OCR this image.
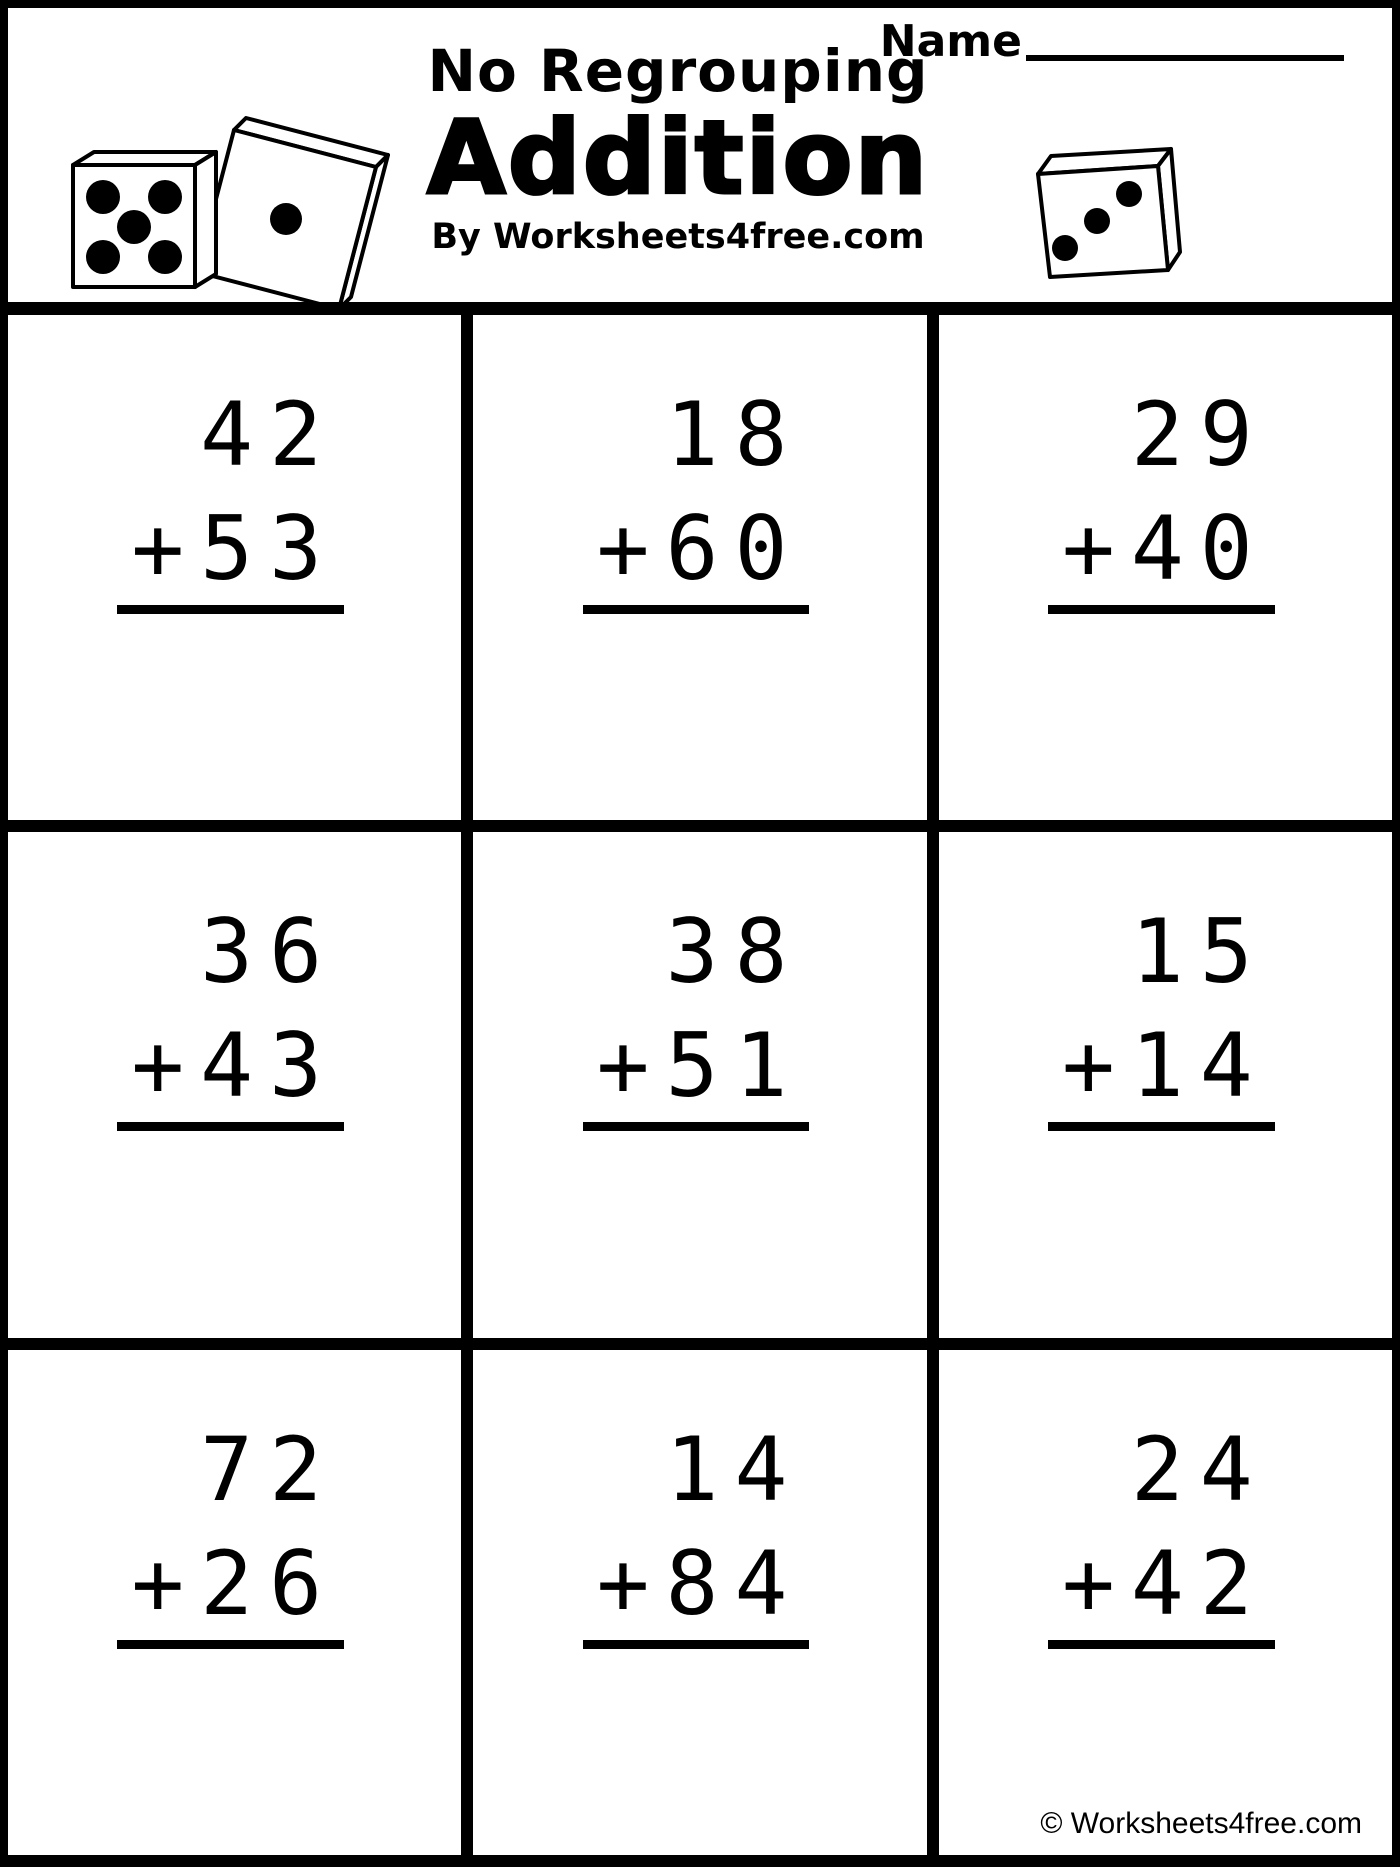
Name
No Regrouping
Addition
By Worksheets4free.com
42
+53
18
+60
29
+40
36
+43
38
+51
15
+14
72
+26
14
+84
24
+42
© Worksheets4free.com
